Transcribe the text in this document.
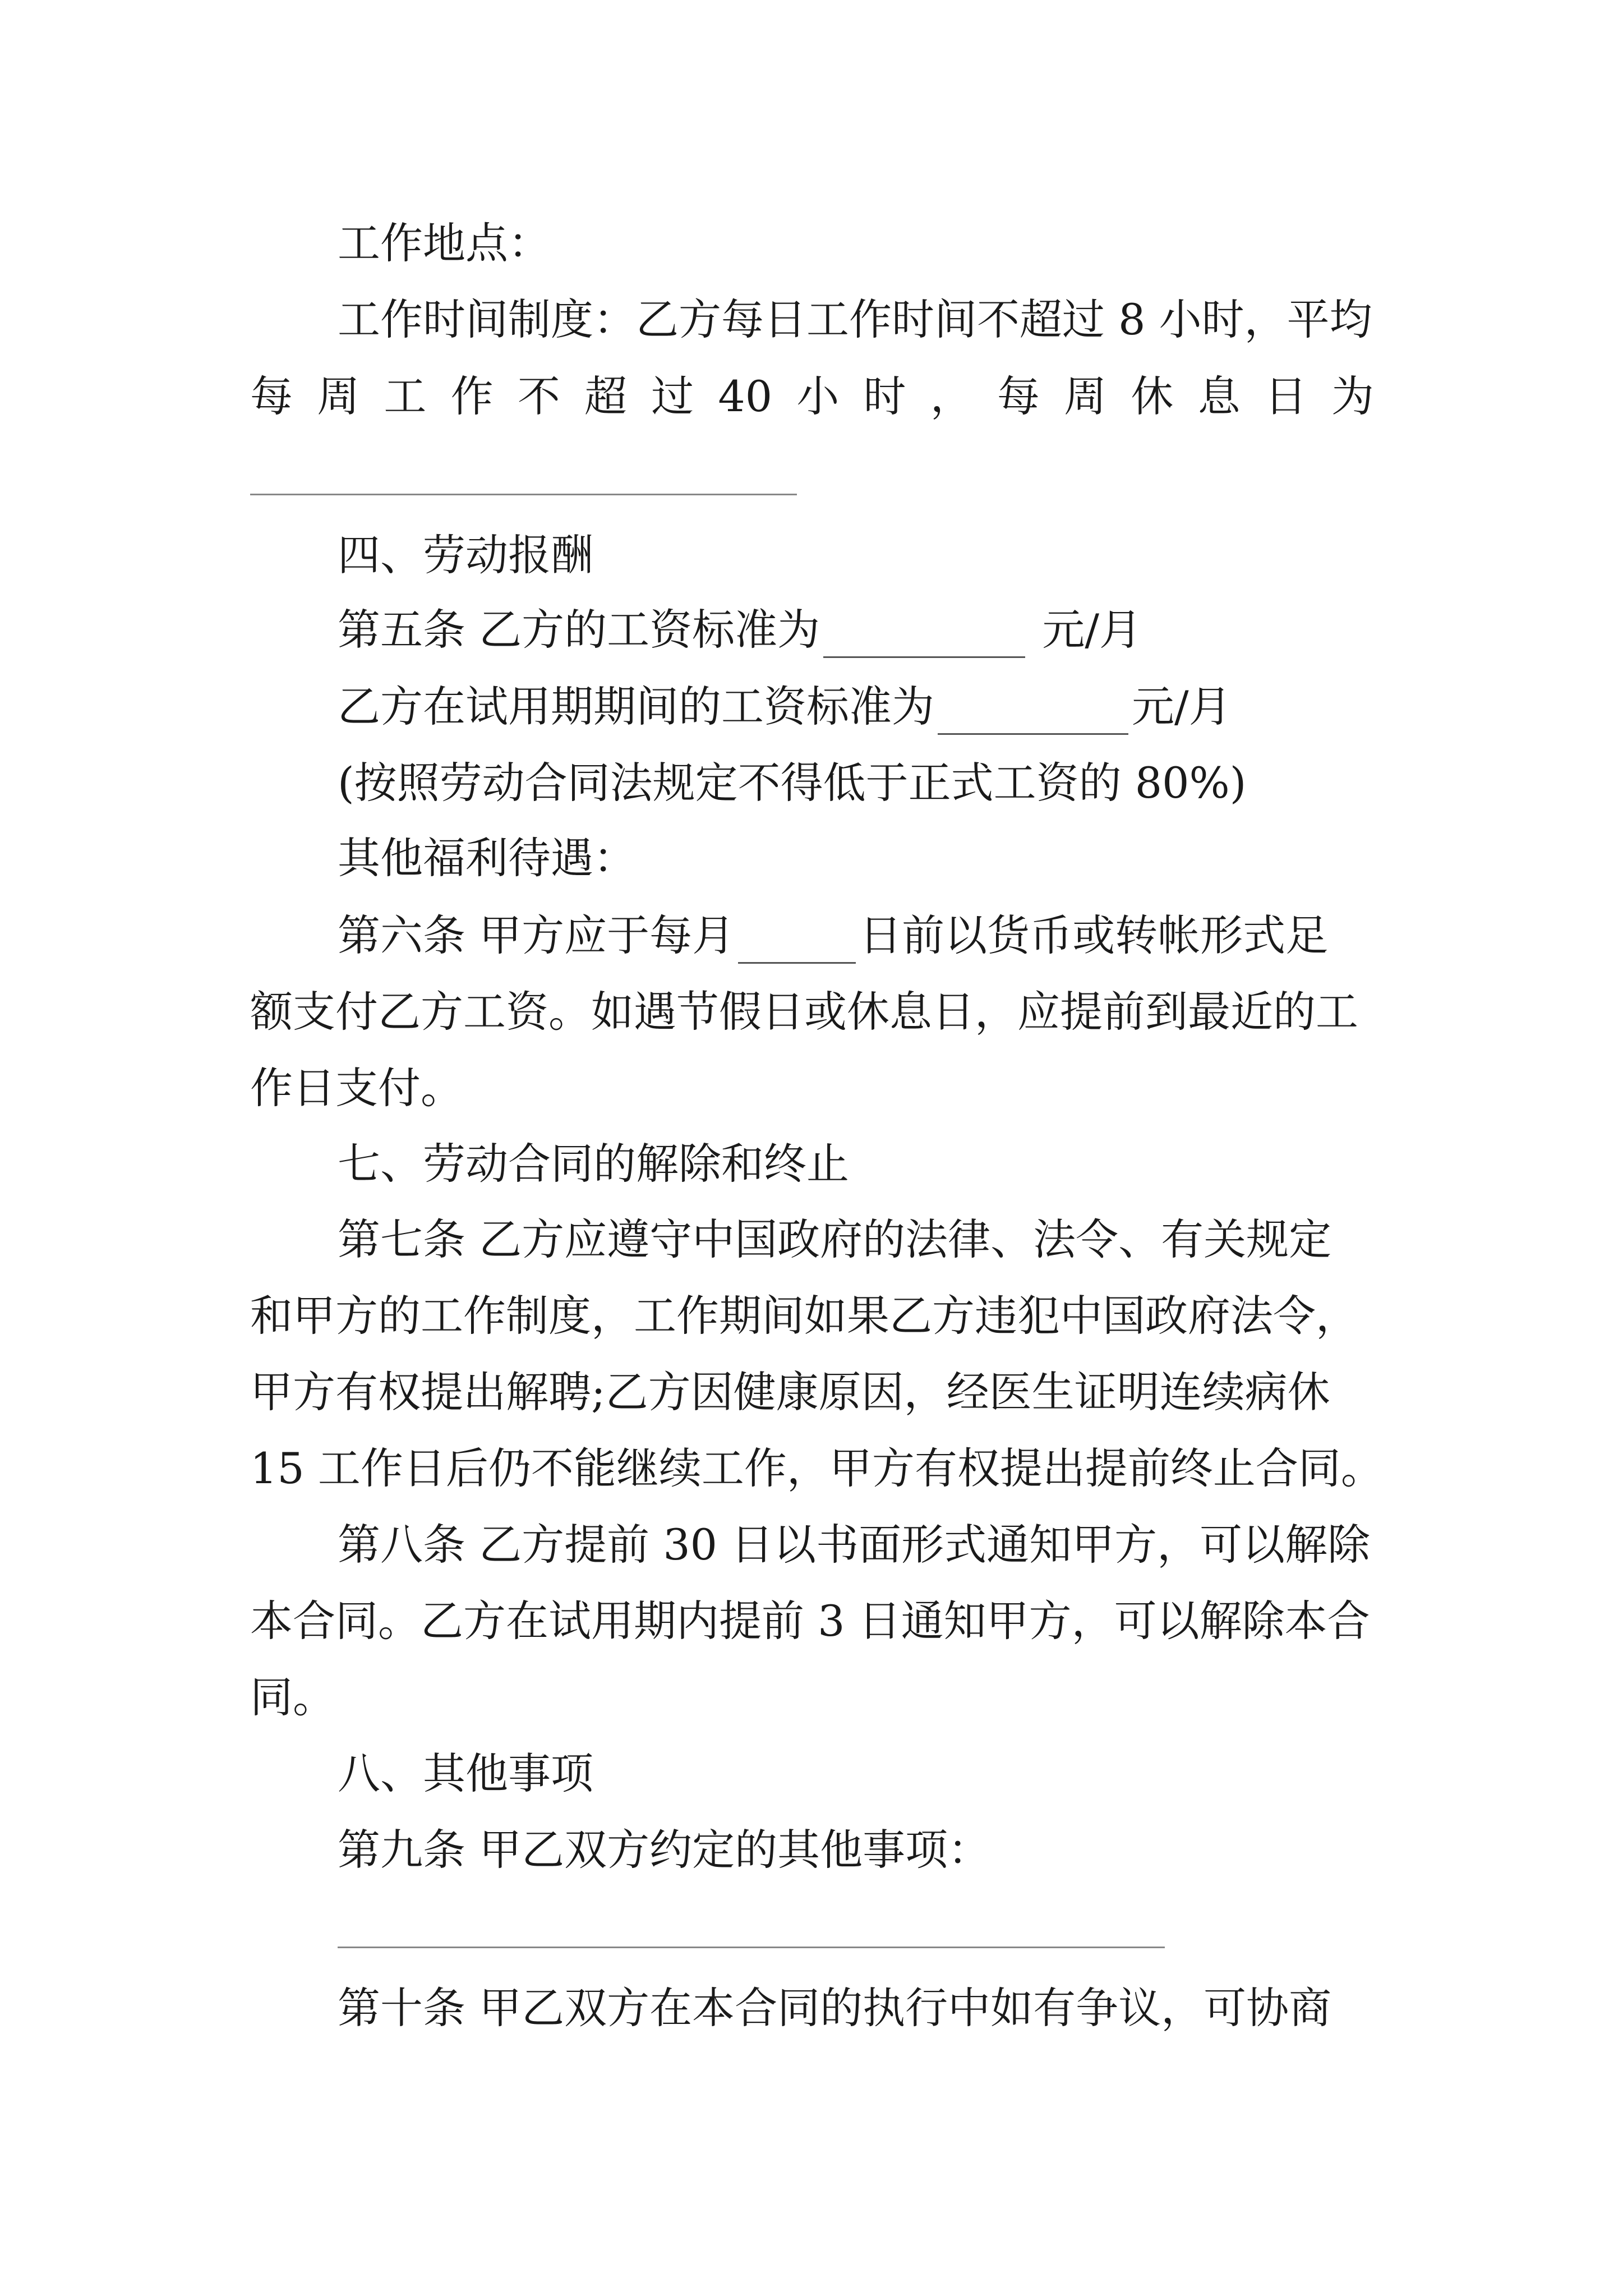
工作地点：

工作时间制度：乙方每日工作时间不超过 8 小时，平均

每 周 工 作 不 超 过 40 小 时 ， 每 周 休 息 日 为

四、劳动报酬

第五条 乙方的工资标准为	元/月

乙方在试用期期间的工资标准为	元/月

(按照劳动合同法规定不得低于正式工资的 80%)

其他福利待遇：

第六条 甲方应于每月	日前以货币或转帐形式足

额支付乙方工资。如遇节假日或休息日，应提前到最近的工

作日支付。

七、劳动合同的解除和终止

第七条 乙方应遵守中国政府的法律、法令、有关规定

和甲方的工作制度，工作期间如果乙方违犯中国政府法令，

甲方有权提出解聘;乙方因健康原因，经医生证明连续病休

15 工作日后仍不能继续工作，甲方有权提出提前终止合同。

第八条 乙方提前 30 日以书面形式通知甲方，可以解除

本合同。乙方在试用期内提前 3 日通知甲方，可以解除本合

同。

八、其他事项

第九条 甲乙双方约定的其他事项：

第十条 甲乙双方在本合同的执行中如有争议，可协商
